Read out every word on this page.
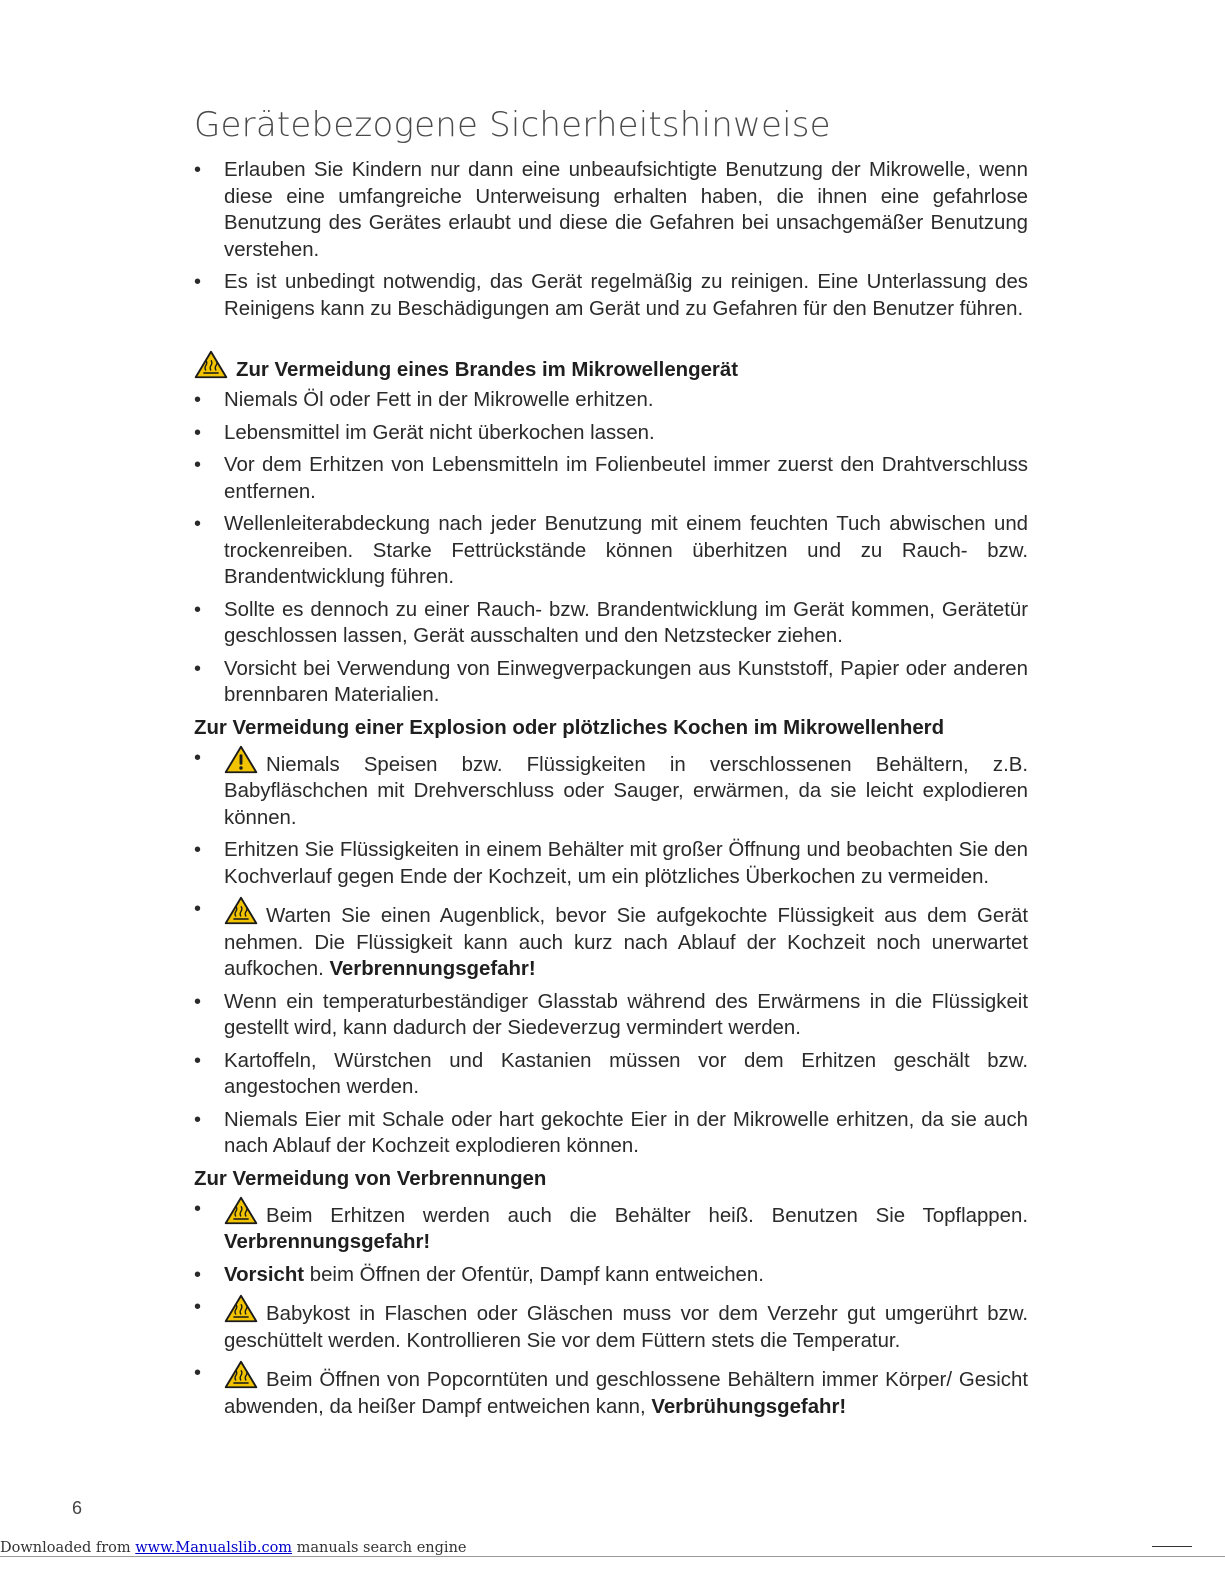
Gerätebezogene Sicherheitshinweise
• Erlauben Sie Kindern nur dann eine unbeaufsichtigte Benutzung der Mikrowelle, wenn diese eine umfangreiche Unterweisung erhalten haben, die ihnen eine gefahrlose Benutzung des Gerätes erlaubt und diese die Gefahren bei unsachgemäßer Benutzung verstehen.
• Es ist unbedingt notwendig, das Gerät regelmäßig zu reinigen. Eine Unterlassung des Reinigens kann zu Beschädigungen am Gerät und zu Gefahren für den Benutzer führen.
Zur Vermeidung eines Brandes im Mikrowellengerät
• Niemals Öl oder Fett in der Mikrowelle erhitzen.
• Lebensmittel im Gerät nicht überkochen lassen.
• Vor dem Erhitzen von Lebensmitteln im Folienbeutel immer zuerst den Drahtverschluss entfernen.
• Wellenleiterabdeckung nach jeder Benutzung mit einem feuchten Tuch abwischen und trockenreiben. Starke Fettrückstände können überhitzen und zu Rauch- bzw. Brandentwicklung führen.
• Sollte es dennoch zu einer Rauch- bzw. Brandentwicklung im Gerät kommen, Gerätetür geschlossen lassen, Gerät ausschalten und den Netzstecker ziehen.
• Vorsicht bei Verwendung von Einwegverpackungen aus Kunststoff, Papier oder anderen brennbaren Materialien.
Zur Vermeidung einer Explosion oder plötzliches Kochen im Mikrowellenherd
• Niemals Speisen bzw. Flüssigkeiten in verschlossenen Behältern, z.B. Babyfläschchen mit Drehverschluss oder Sauger, erwärmen, da sie leicht explodieren können.
• Erhitzen Sie Flüssigkeiten in einem Behälter mit großer Öffnung und beobachten Sie den Kochverlauf gegen Ende der Kochzeit, um ein plötzliches Überkochen zu vermeiden.
• Warten Sie einen Augenblick, bevor Sie aufgekochte Flüssigkeit aus dem Gerät nehmen. Die Flüssigkeit kann auch kurz nach Ablauf der Kochzeit noch unerwartet aufkochen. Verbrennungsgefahr!
• Wenn ein temperaturbeständiger Glasstab während des Erwärmens in die Flüssigkeit gestellt wird, kann dadurch der Siedeverzug vermindert werden.
• Kartoffeln, Würstchen und Kastanien müssen vor dem Erhitzen geschält bzw. angestochen werden.
• Niemals Eier mit Schale oder hart gekochte Eier in der Mikrowelle erhitzen, da sie auch nach Ablauf der Kochzeit explodieren können.
Zur Vermeidung von Verbrennungen
• Beim Erhitzen werden auch die Behälter heiß. Benutzen Sie Topflappen. Verbrennungsgefahr!
• Vorsicht beim Öffnen der Ofentür, Dampf kann entweichen.
• Babykost in Flaschen oder Gläschen muss vor dem Verzehr gut umgerührt bzw. geschüttelt werden. Kontrollieren Sie vor dem Füttern stets die Temperatur.
• Beim Öffnen von Popcorntüten und geschlossene Behältern immer Körper/ Gesicht abwenden, da heißer Dampf entweichen kann, Verbrühungsgefahr!
6
Downloaded from www.Manualslib.com manuals search engine
